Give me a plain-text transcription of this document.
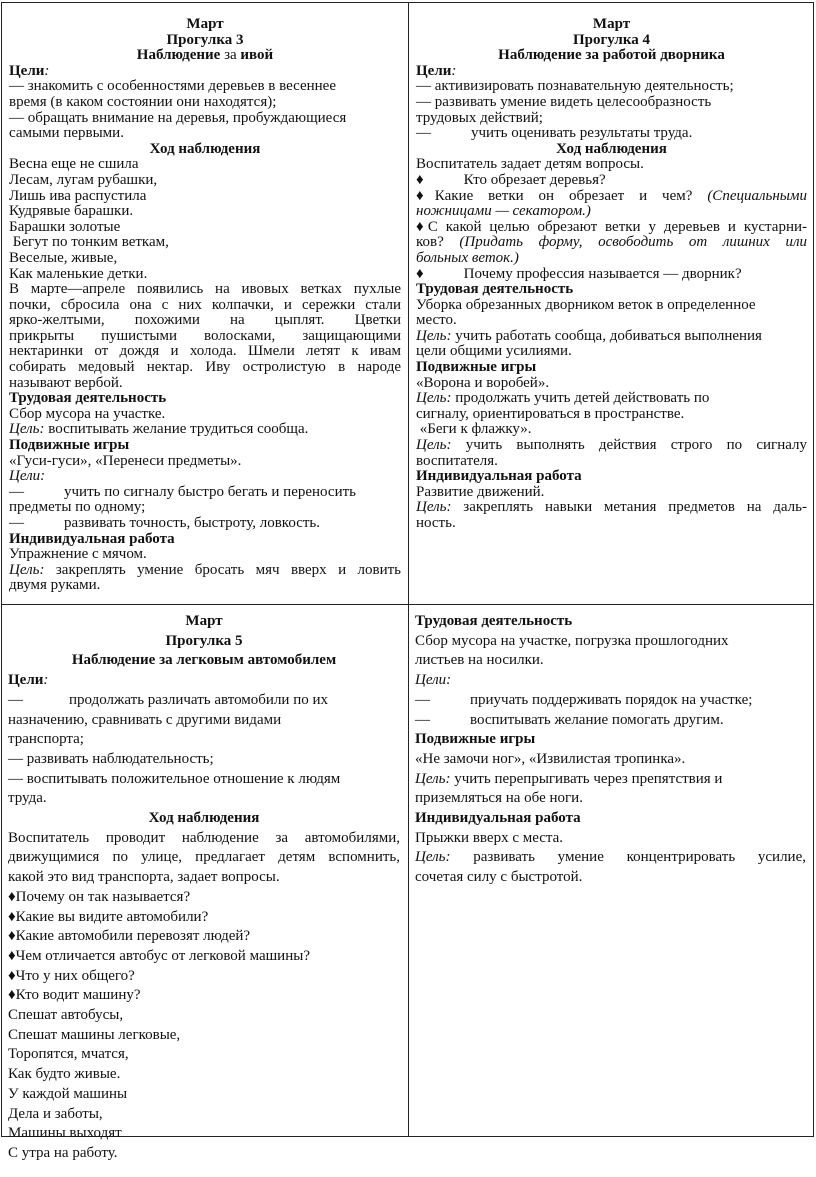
Март
Прогулка 3
Наблюдение за ивой
Цели:
— знакомить с особенностями деревьев в весеннее
время (в каком состоянии они находятся);
— обращать внимание на деревья, пробуждающиеся
самыми первыми.
Ход наблюдения
Весна еще не сшила
Лесам, лугам рубашки,
Лишь ива распустила
Кудрявые барашки.
Барашки золотые
Бегут по тонким веткам,
Веселые, живые,
Как маленькие детки.
В марте—апреле появились на ивовых ветках пухлые
почки, сбросила она с них колпачки, и сережки стали
ярко-желтыми, похожими на цыплят. Цветки
прикрыты пушистыми волосками, защищающими
нектаринки от дождя и холода. Шмели летят к ивам
собирать медовый нектар. Иву остролистую в народе
называют вербой.
Трудовая деятельность
Сбор мусора на участке.
Цель: воспитывать желание трудиться сообща.
Подвижные игры
«Гуси-гуси», «Перенеси предметы».
Цели:
—	учить по сигналу быстро бегать и переносить
предметы по одному;
—	развивать точность, быстроту, ловкость.
Индивидуальная работа
Упражнение с мячом.
Цель: закреплять умение бросать мяч вверх и ловить
двумя руками.
Март
Прогулка 4
Наблюдение за работой дворника
Цели:
— активизировать познавательную деятельность;
— развивать умение видеть целесообразность
трудовых действий;
—	учить оценивать результаты труда.
Ход наблюдения
Воспитатель задает детям вопросы.
♦	Кто обрезает деревья?
♦Какие ветки он обрезает и чем? (Специальными
ножницами — секатором.)
♦С какой целью обрезают ветки у деревьев и кустарни-
ков? (Придать форму, освободить от лишних или
больных веток.)
♦	Почему профессия называется — дворник?
Трудовая деятельность
Уборка обрезанных дворником веток в определенное
место.
Цель: учить работать сообща, добиваться выполнения
цели общими усилиями.
Подвижные игры
«Ворона и воробей».
Цель: продолжать учить детей действовать по
сигналу, ориентироваться в пространстве.
«Беги к флажку».
Цель: учить выполнять действия строго по сигналу
воспитателя.
Индивидуальная работа
Развитие движений.
Цель: закреплять навыки метания предметов на даль-
ность.
Март
Прогулка 5
Наблюдение за легковым автомобилем
Цели:
—	продолжать различать автомобили по их
назначению, сравнивать с другими видами
транспорта;
— развивать наблюдательность;
— воспитывать положительное отношение к людям
труда.
Ход наблюдения
Воспитатель проводит наблюдение за автомобилями,
движущимися по улице, предлагает детям вспомнить,
какой это вид транспорта, задает вопросы.
♦Почему он так называется?
♦Какие вы видите автомобили?
♦Какие автомобили перевозят людей?
♦Чем отличается автобус от легковой машины?
♦Что у них общего?
♦Кто водит машину?
Спешат автобусы,
Спешат машины легковые,
Торопятся, мчатся,
Как будто живые.
У каждой машины
Дела и заботы,
Машины выходят
С утра на работу.
Трудовая деятельность
Сбор мусора на участке, погрузка прошлогодних
листьев на носилки.
Цели:
—	приучать поддерживать порядок на участке;
—	воспитывать желание помогать другим.
Подвижные игры
«Не замочи ног», «Извилистая тропинка».
Цель: учить перепрыгивать через препятствия и
приземляться на обе ноги.
Индивидуальная работа
Прыжки вверх с места.
Цель: развивать умение концентрировать усилие,
сочетая силу с быстротой.
